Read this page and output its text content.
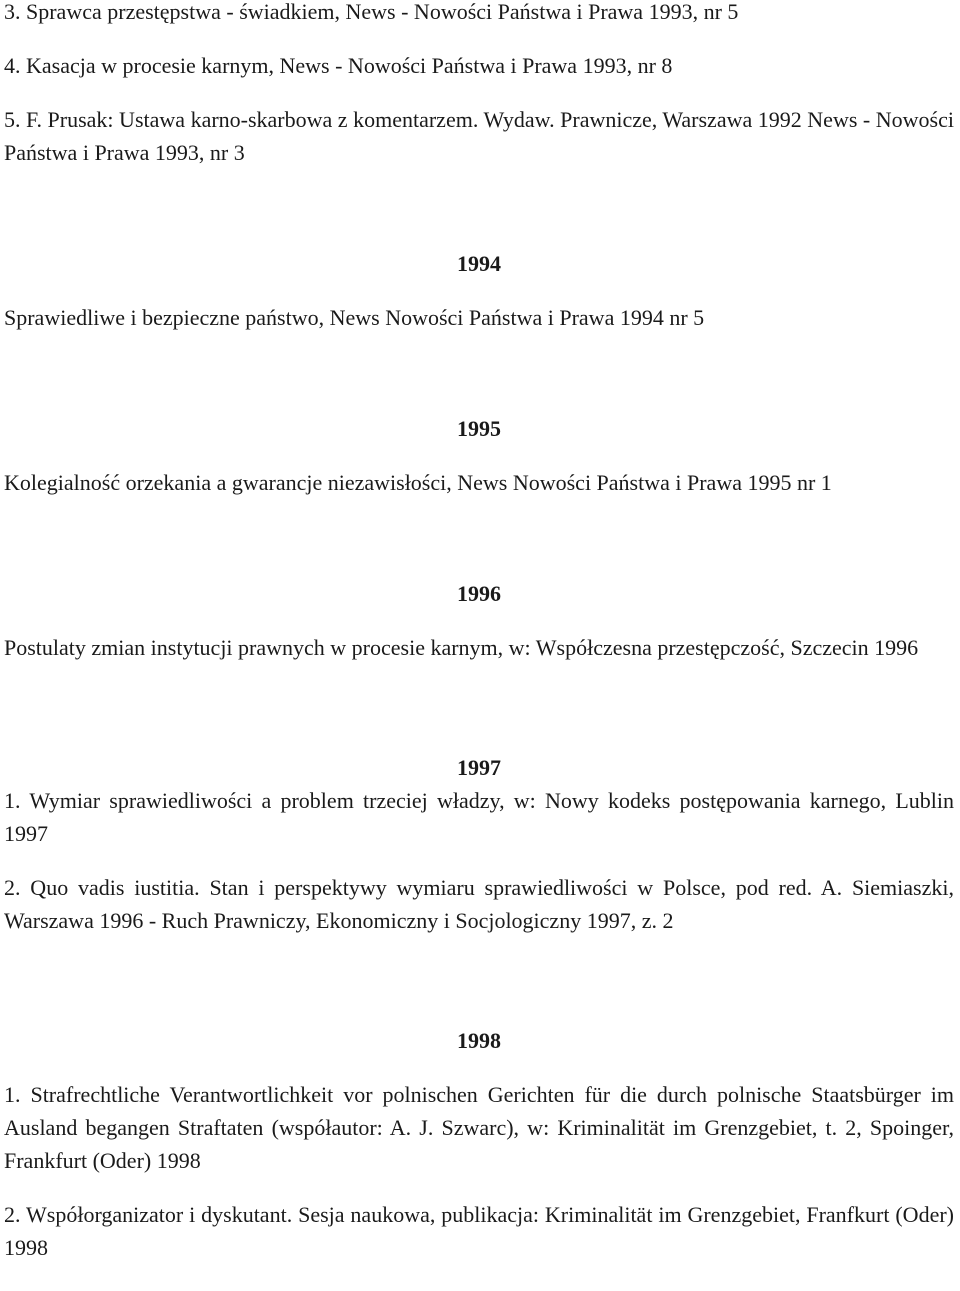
3. Sprawca przestępstwa - świadkiem, News - Nowości Państwa i Prawa 1993, nr 5

4. Kasacja w procesie karnym, News - Nowości Państwa i Prawa 1993, nr 8

5. F. Prusak: Ustawa karno-skarbowa z komentarzem. Wydaw. Prawnicze, Warszawa 1992 News - Nowości Państwa i Prawa 1993, nr 3

1994

Sprawiedliwe i bezpieczne państwo, News Nowości Państwa i Prawa 1994 nr 5

1995

Kolegialność orzekania a gwarancje niezawisłości, News Nowości Państwa i Prawa 1995 nr 1

1996

Postulaty zmian instytucji prawnych w procesie karnym, w: Współczesna przestępczość, Szczecin 1996

1997

1. Wymiar sprawiedliwości a problem trzeciej władzy, w: Nowy kodeks postępowania karnego, Lublin 1997

2. Quo vadis iustitia. Stan i perspektywy wymiaru sprawiedliwości w Polsce, pod red. A. Siemiaszki, Warszawa 1996 - Ruch Prawniczy, Ekonomiczny i Socjologiczny 1997, z. 2

1998

1. Strafrechtliche Verantwortlichkeit vor polnischen Gerichten für die durch polnische Staatsbürger im Ausland begangen Straftaten (współautor: A. J. Szwarc), w: Kriminalität im Grenzgebiet, t. 2, Spoinger, Frankfurt (Oder) 1998

2. Współorganizator i dyskutant. Sesja naukowa, publikacja: Kriminalität im Grenzgebiet, Franfkurt (Oder) 1998
